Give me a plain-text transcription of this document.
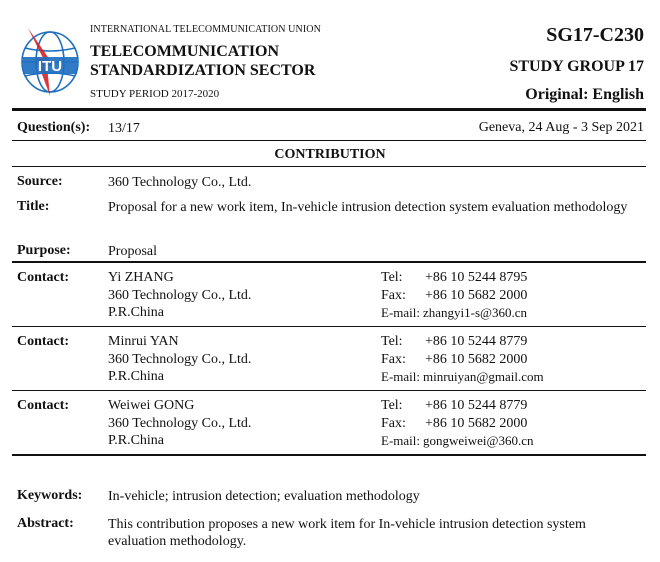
ITU
INTERNATIONAL TELECOMMUNICATION UNION
TELECOMMUNICATION
STANDARDIZATION SECTOR
STUDY PERIOD 2017-2020
SG17-C230
STUDY GROUP 17
Original: English
Question(s): 13/17	Geneva, 24 Aug - 3 Sep 2021
CONTRIBUTION
Source:	360 Technology Co., Ltd.
Title:	Proposal for a new work item, In-vehicle intrusion detection system evaluation methodology
Purpose:	Proposal
Contact:	Yi ZHANG
360 Technology Co., Ltd.
P.R.China
Tel: +86 10 5244 8795
Fax: +86 10 5682 2000
E-mail: zhangyi1-s@360.cn
Contact:	Minrui YAN
360 Technology Co., Ltd.
P.R.China
Tel: +86 10 5244 8779
Fax: +86 10 5682 2000
E-mail: minruiyan@gmail.com
Contact:	Weiwei GONG
360 Technology Co., Ltd.
P.R.China
Tel: +86 10 5244 8779
Fax: +86 10 5682 2000
E-mail: gongweiwei@360.cn
Keywords: In-vehicle; intrusion detection; evaluation methodology
Abstract: This contribution proposes a new work item for In-vehicle intrusion detection system evaluation methodology.
